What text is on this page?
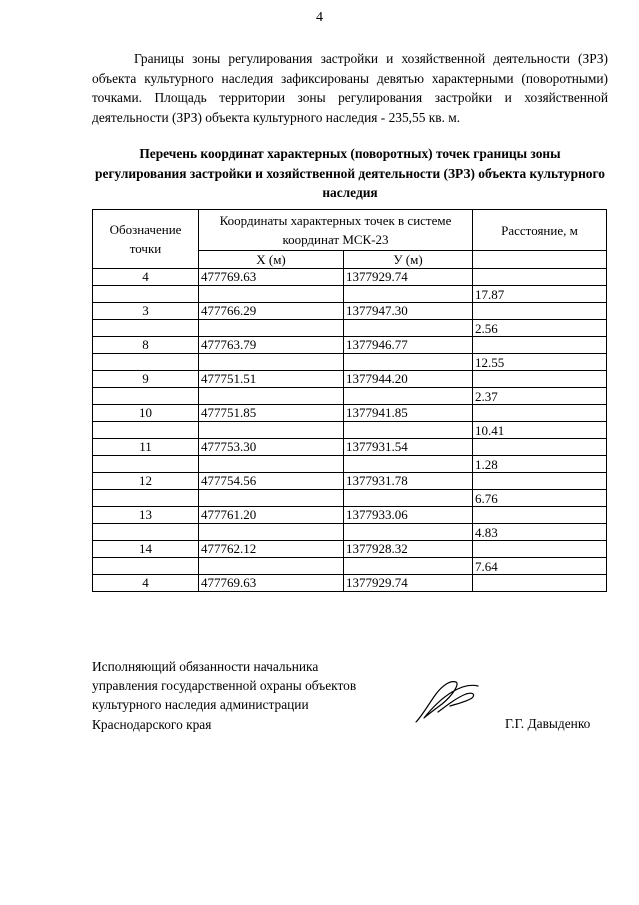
4

Границы зоны регулирования застройки и хозяйственной деятельности (ЗРЗ) объекта культурного наследия зафиксированы девятью характерными (поворотными) точками. Площадь территории зоны регулирования застройки и хозяйственной деятельности (ЗРЗ) объекта культурного наследия - 235,55 кв. м.

Перечень координат характерных (поворотных) точек границы зоны регулирования застройки и хозяйственной деятельности (ЗРЗ) объекта культурного наследия

Обозначение точки	Координаты характерных точек в системе координат МСК-23		Расстояние, м
	X (м)	У (м)	
4	477769.63	1377929.74	
			17.87
3	477766.29	1377947.30	
			2.56
8	477763.79	1377946.77	
			12.55
9	477751.51	1377944.20	
			2.37
10	477751.85	1377941.85	
			10.41
11	477753.30	1377931.54	
			1.28
12	477754.56	1377931.78	
			6.76
13	477761.20	1377933.06	
			4.83
14	477762.12	1377928.32	
			7.64
4	477769.63	1377929.74	
Исполняющий обязанности начальника
управления государственной охраны объектов
культурного наследия администрации
Краснодарского края	Г.Г. Давыденко
